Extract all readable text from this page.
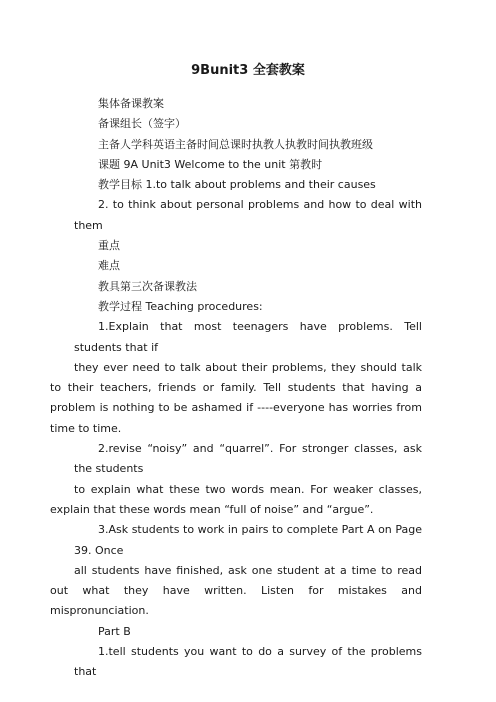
9Bunit3 全套教案

集体备课教案

备课组长（签字）

主备人学科英语主备时间总课时执教人执教时间执教班级

课题 9A Unit3 Welcome to the unit 第教时

教学目标 1.to talk about problems and their causes

2. to think about personal problems and how to deal with them

重点

难点

教具第三次备课教法

教学过程 Teaching procedures:

1.Explain that most teenagers have problems. Tell students that if

they ever need to talk about their problems, they should talk to their teachers, friends or family. Tell students that having a problem is nothing to be ashamed if ----everyone has worries from time to time.

2.revise “noisy” and “quarrel”. For stronger classes, ask the students

to explain what these two words mean. For weaker classes, explain that these words mean “full of noise” and “argue”.

3.Ask students to work in pairs to complete Part A on Page 39. Once

all students have finished, ask one student at a time to read out what they have written. Listen for mistakes and mispronunciation.

Part B

1.tell students you want to do a survey of the problems that
